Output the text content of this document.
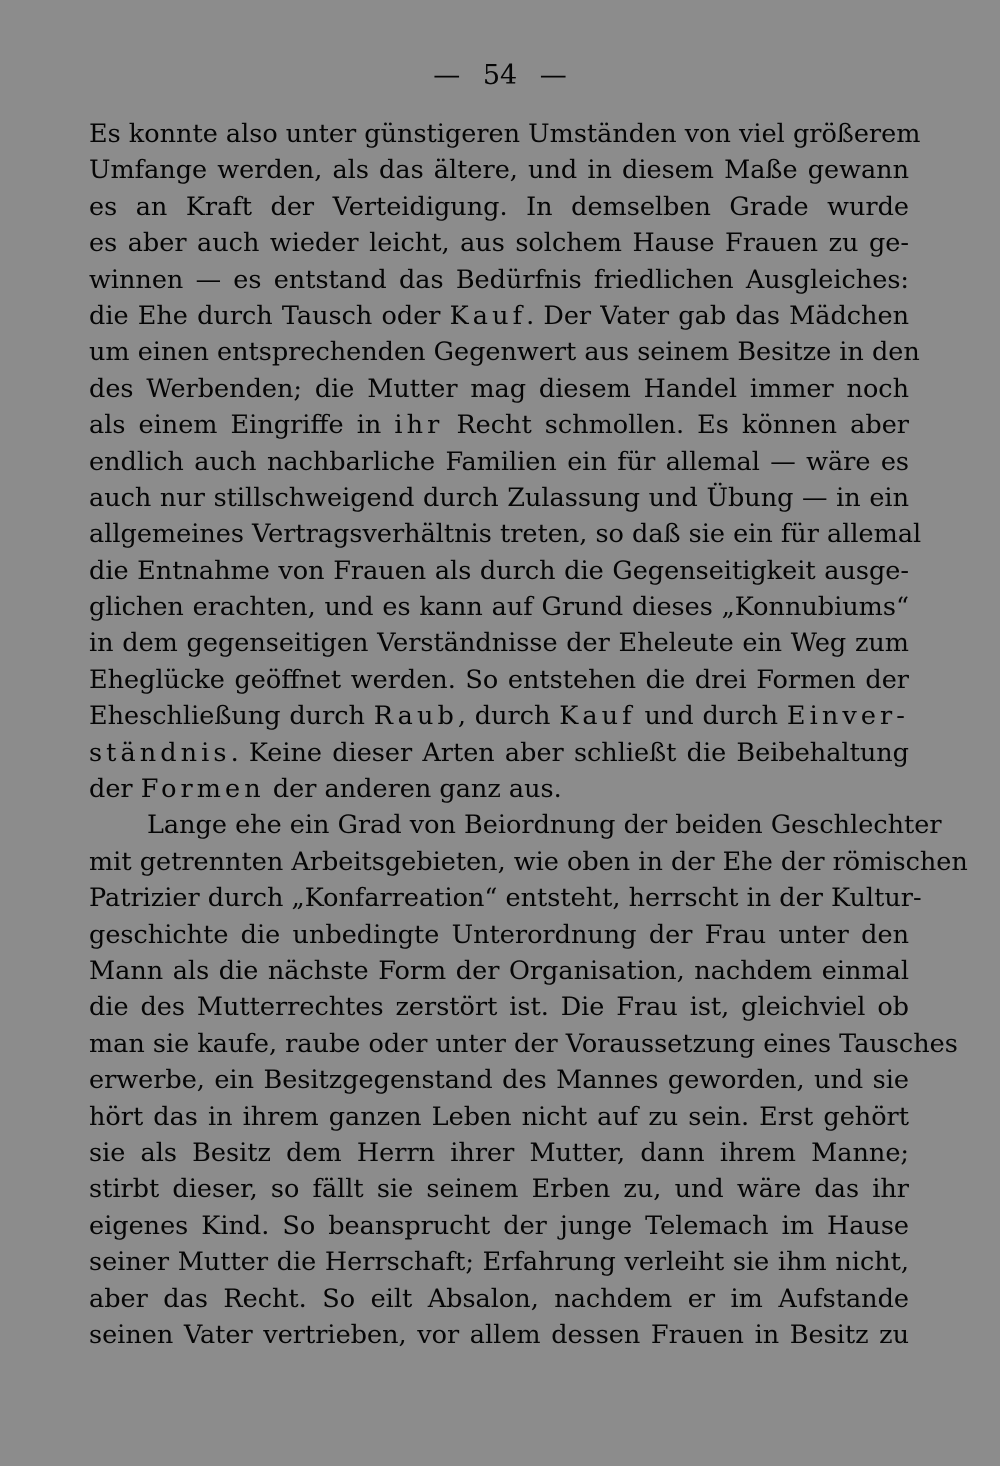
— 54 —
Es konnte also unter günstigeren Umständen von viel größerem
Umfange werden, als das ältere, und in diesem Maße gewann
es an Kraft der Verteidigung. In demselben Grade wurde
es aber auch wieder leicht, aus solchem Hause Frauen zu ge-
winnen — es entstand das Bedürfnis friedlichen Ausgleiches:
die Ehe durch Tausch oder Kauf. Der Vater gab das Mädchen
um einen entsprechenden Gegenwert aus seinem Besitze in den
des Werbenden; die Mutter mag diesem Handel immer noch
als einem Eingriffe in ihr Recht schmollen. Es können aber
endlich auch nachbarliche Familien ein für allemal — wäre es
auch nur stillschweigend durch Zulassung und Übung — in ein
allgemeines Vertragsverhältnis treten, so daß sie ein für allemal
die Entnahme von Frauen als durch die Gegenseitigkeit ausge-
glichen erachten, und es kann auf Grund dieses „Konnubiums“
in dem gegenseitigen Verständnisse der Eheleute ein Weg zum
Eheglücke geöffnet werden. So entstehen die drei Formen der
Eheschließung durch Raub, durch Kauf und durch Einver-
ständnis. Keine dieser Arten aber schließt die Beibehaltung
der Formen der anderen ganz aus.
Lange ehe ein Grad von Beiordnung der beiden Geschlechter
mit getrennten Arbeitsgebieten, wie oben in der Ehe der römischen
Patrizier durch „Konfarreation“ entsteht, herrscht in der Kultur-
geschichte die unbedingte Unterordnung der Frau unter den
Mann als die nächste Form der Organisation, nachdem einmal
die des Mutterrechtes zerstört ist. Die Frau ist, gleichviel ob
man sie kaufe, raube oder unter der Voraussetzung eines Tausches
erwerbe, ein Besitzgegenstand des Mannes geworden, und sie
hört das in ihrem ganzen Leben nicht auf zu sein. Erst gehört
sie als Besitz dem Herrn ihrer Mutter, dann ihrem Manne;
stirbt dieser, so fällt sie seinem Erben zu, und wäre das ihr
eigenes Kind. So beansprucht der junge Telemach im Hause
seiner Mutter die Herrschaft; Erfahrung verleiht sie ihm nicht,
aber das Recht. So eilt Absalon, nachdem er im Aufstande
seinen Vater vertrieben, vor allem dessen Frauen in Besitz zu
